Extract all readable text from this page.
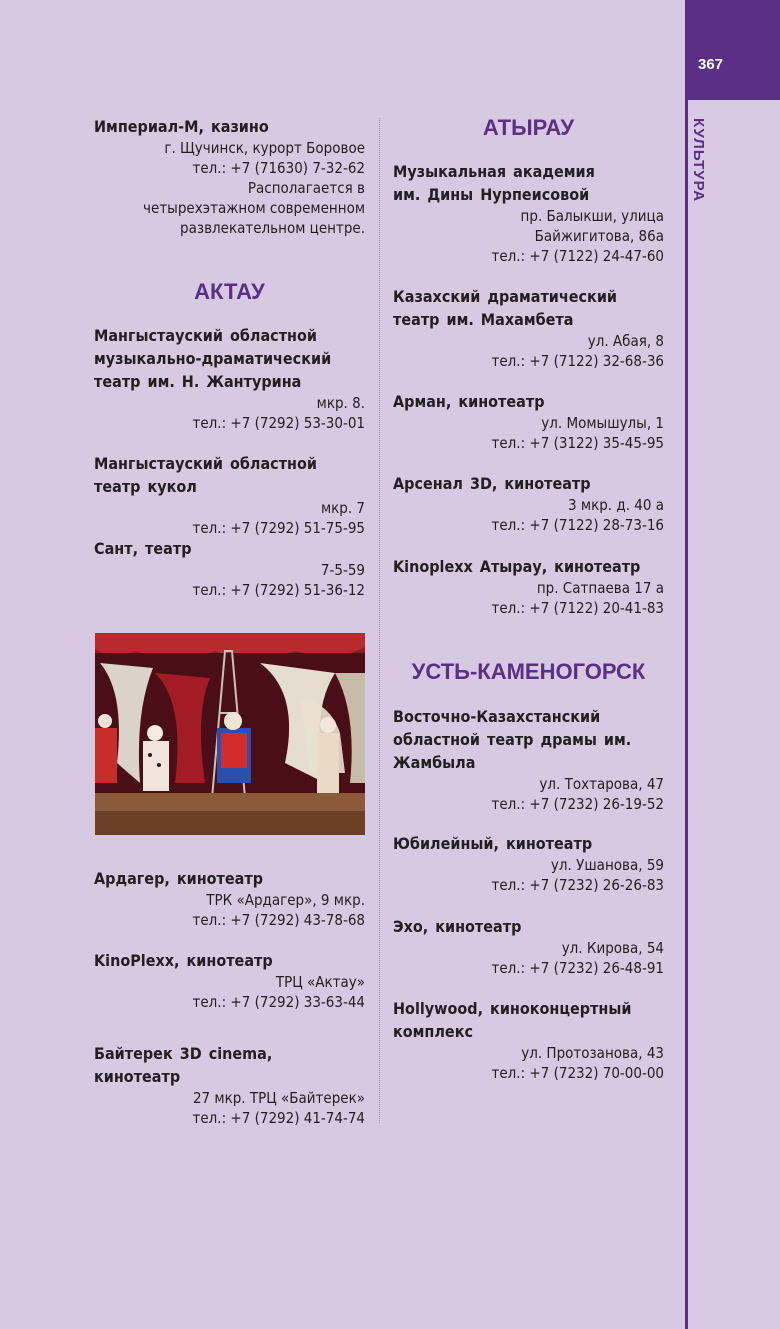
367
КУЛЬТУРА
Империал-М, казино
г. Щучинск, курорт Боровое
тел.: +7 (71630) 7-32-62
Располагается в
четырехэтажном современном
развлекательном центре.
АКТАУ
Мангыстауский областной
музыкально-драматический
театр им. Н. Жантурина
мкр. 8.
тел.: +7 (7292) 53-30-01
Мангыстауский областной
театр кукол
мкр. 7
тел.: +7 (7292) 51-75-95
Сант, театр
7-5-59
тел.: +7 (7292) 51-36-12
Ардагер, кинотеатр
ТРК «Ардагер», 9 мкр.
тел.: +7 (7292) 43-78-68
KinoPlexx, кинотеатр
ТРЦ «Актау»
тел.: +7 (7292) 33-63-44
Байтерек 3D cinema,
кинотеатр
27 мкр. ТРЦ «Байтерек»
тел.: +7 (7292) 41-74-74
АТЫРАУ
Музыкальная академия
им. Дины Нурпеисовой
пр. Балыкши, улица
Байжигитова, 86а
тел.: +7 (7122) 24-47-60
Казахский драматический
театр им. Махамбета
ул. Абая, 8
тел.: +7 (7122) 32-68-36
Арман, кинотеатр
ул. Момышулы, 1
тел.: +7 (3122) 35-45-95
Арсенал 3D, кинотеатр
3 мкр. д. 40 а
тел.: +7 (7122) 28-73-16
Kinoplexx Атырау, кинотеатр
пр. Сатпаева 17 а
тел.: +7 (7122) 20-41-83
УСТЬ-КАМЕНОГОРСК
Восточно-Казахстанский
областной театр драмы им.
Жамбыла
ул. Тохтарова, 47
тел.: +7 (7232) 26-19-52
Юбилейный, кинотеатр
ул. Ушанова, 59
тел.: +7 (7232) 26-26-83
Эхо, кинотеатр
ул. Кирова, 54
тел.: +7 (7232) 26-48-91
Hollywood, киноконцертный
комплекс
ул. Протозанова, 43
тел.: +7 (7232) 70-00-00
